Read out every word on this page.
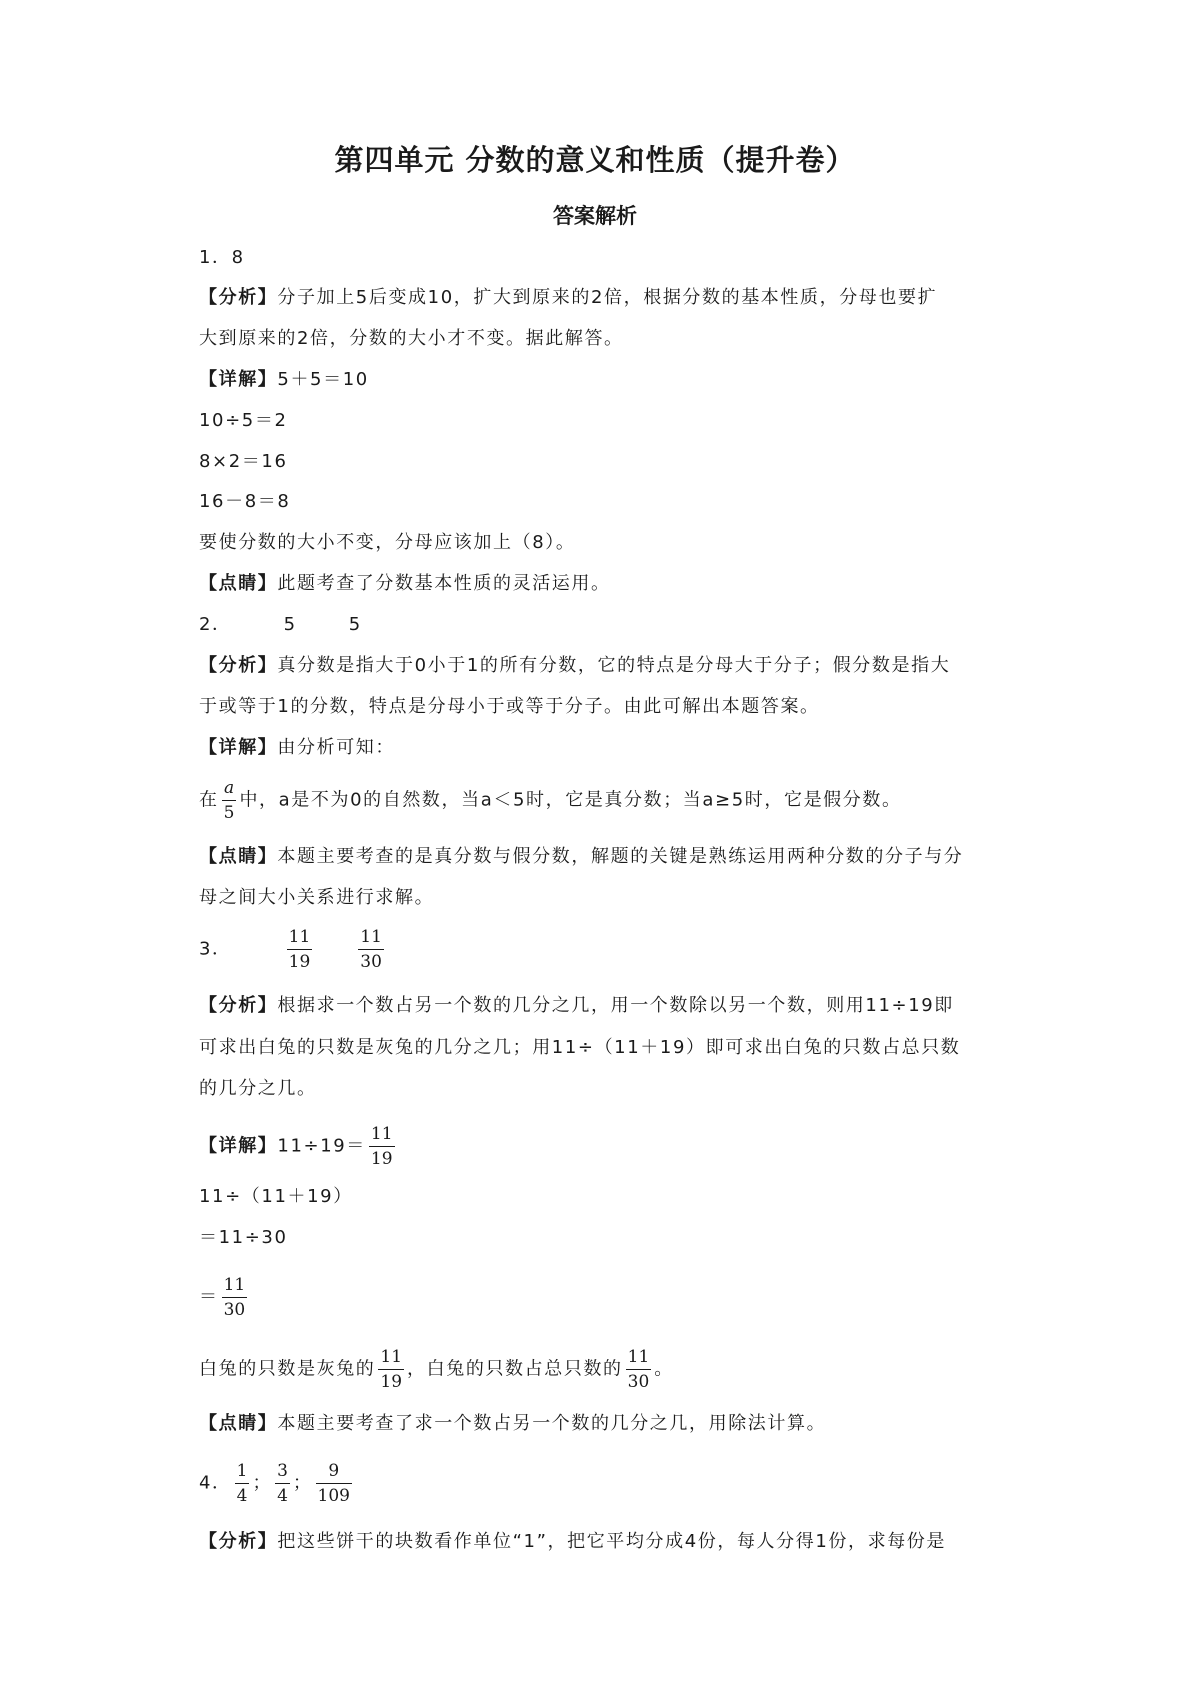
第四单元 分数的意义和性质（提升卷）
答案解析
1．8
【分析】分子加上5后变成10，扩大到原来的2倍，根据分数的基本性质，分母也要扩
大到原来的2倍，分数的大小才不变。据此解答。
【详解】5＋5＝10
10÷5＝2
8×2＝16
16－8＝8
要使分数的大小不变，分母应该加上（8）。
【点睛】此题考查了分数基本性质的灵活运用。
2．	5	5
【分析】真分数是指大于0小于1的所有分数，它的特点是分母大于分子；假分数是指大
于或等于1的分数，特点是分母小于或等于分子。由此可解出本题答案。
【详解】由分析可知：
在 $\frac{a}{5}$ 中，a是不为0的自然数，当a＜5时，它是真分数；当a≥5时，它是假分数。
【点睛】本题主要考查的是真分数与假分数，解题的关键是熟练运用两种分数的分子与分
母之间大小关系进行求解。
3．	$\frac{11}{19}$	$\frac{11}{30}$
【分析】根据求一个数占另一个数的几分之几，用一个数除以另一个数，则用11÷19即
可求出白兔的只数是灰兔的几分之几；用11÷（11＋19）即可求出白兔的只数占总只数
的几分之几。
【详解】$11\div 19= \frac{11}{19}$
11÷（11＋19）
＝11÷30
＝ $\frac{11}{30}$
白兔的只数是灰兔的 $\frac{11}{19}$ ，白兔的只数占总只数的 $\frac{11}{30}$ 。
【点睛】本题主要考查了求一个数占另一个数的几分之几，用除法计算。
4． $\frac{1}{4}$ ； $\frac{3}{4}$ ； $\frac{9}{109}$
【分析】把这些饼干的块数看作单位“1”，把它平均分成4份，每人分得1份，求每份是
